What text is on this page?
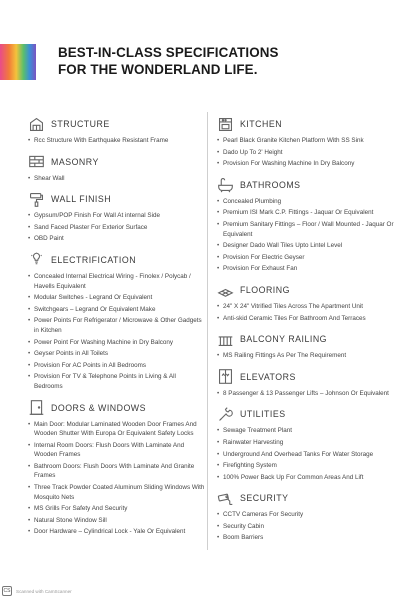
BEST-IN-CLASS SPECIFICATIONS
FOR THE WONDERLAND LIFE.
STRUCTURE
• Rcc Structure With Earthquake Resistant Frame
MASONRY
• Shear Wall
WALL FINISH
• Gypsum/POP Finish For Wall At internal Side
• Sand Faced Plaster For Exterior Surface
• OBD Paint
ELECTRIFICATION
• Concealed Internal Electrical Wiring - Finolex / Polycab / Havells Equivalent
• Modular Switches - Legrand Or Equivalent
• Switchgears – Legrand Or Equivalent Make
• Power Points For Refrigerator / Microwave & Other Gadgets in Kitchen
• Power Point For Washing Machine in Dry Balcony
• Geyser Points in All Toilets
• Provision For AC Points in All Bedrooms
• Provision For TV & Telephone Points in Living & All Bedrooms
DOORS & WINDOWS
• Main Door: Modular Laminated Wooden Door Frames And Wooden Shutter With Europa Or Equivalent Safety Locks
• Internal Room Doors: Flush Doors With Laminate And Wooden Frames
• Bathroom Doors: Flush Doors With Laminate And Granite Frames
• Three Track Powder Coated Aluminum Sliding Windows With Mosquito Nets
• MS Grills For Safety And Security
• Natural Stone Window Sill
• Door Hardware – Cylindrical Lock - Yale Or Equivalent
KITCHEN
• Pearl Black Granite Kitchen Platform With SS Sink
• Dado Up To 2' Height
• Provision For Washing Machine In Dry Balcony
BATHROOMS
• Concealed Plumbing
• Premium ISI Mark C.P. Fittings - Jaquar Or Equivalent
• Premium Sanitary Fittings – Floor / Wall Mounted - Jaquar Or Equivalent
• Designer Dado Wall Tiles Upto Lintel Level
• Provision For Electric Geyser
• Provision For Exhaust Fan
FLOORING
• 24" X 24" Vitrified Tiles Across The Apartment Unit
• Anti-skid Ceramic Tiles For Bathroom And Terraces
BALCONY RAILING
• MS Railing Fittings As Per The Requirement
ELEVATORS
• 8 Passenger & 13 Passenger Lifts – Johnson Or Equivalent
UTILITIES
• Sewage Treatment Plant
• Rainwater Harvesting
• Underground And Overhead Tanks For Water Storage
• Firefighting System
• 100% Power Back Up For Common Areas And Lift
SECURITY
• CCTV Cameras For Security
• Security Cabin
• Boom Barriers
CS	Scanned with CamScanner
